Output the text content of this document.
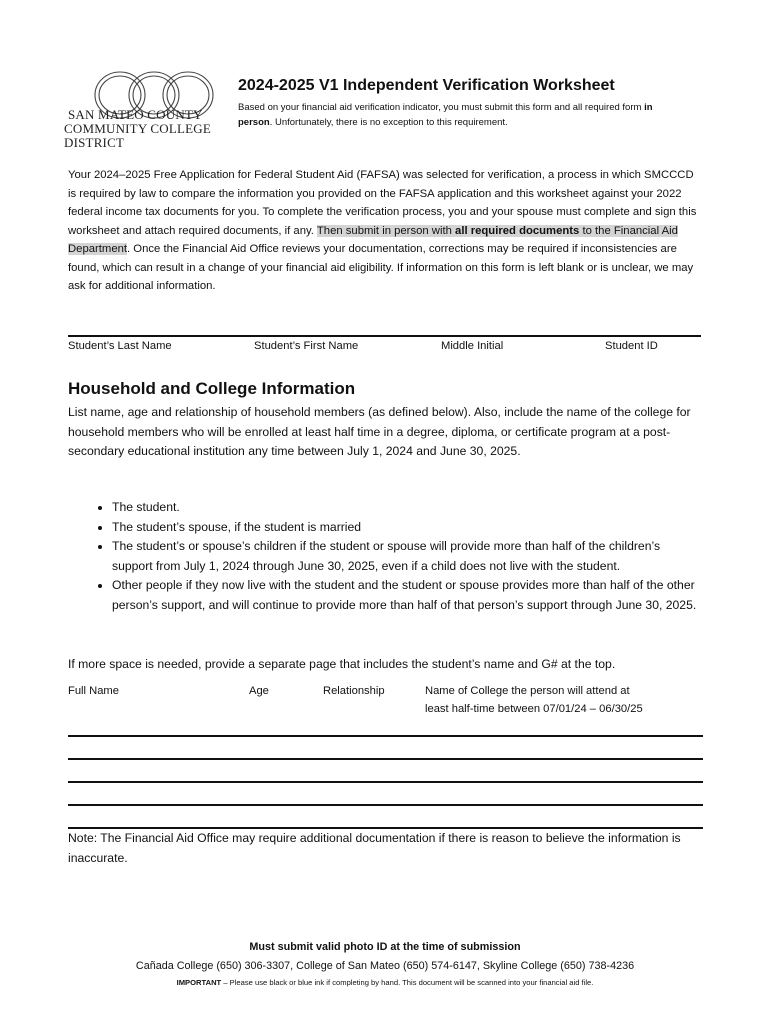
SAN MATEO COUNTY
COMMUNITY COLLEGE DISTRICT
2024-2025 V1 Independent Verification Worksheet
Based on your financial aid verification indicator, you must submit this form and all required form in person. Unfortunately, there is no exception to this requirement.
Your 2024–2025 Free Application for Federal Student Aid (FAFSA) was selected for verification, a process in which SMCCCD is required by law to compare the information you provided on the FAFSA application and this worksheet against your 2022 federal income tax documents for you. To complete the verification process, you and your spouse must complete and sign this worksheet and attach required documents, if any. Then submit in person with all required documents to the Financial Aid Department. Once the Financial Aid Office reviews your documentation, corrections may be required if inconsistencies are found, which can result in a change of your financial aid eligibility. If information on this form is left blank or is unclear, we may ask for additional information.
Student’s Last Name	Student’s First Name	Middle Initial	Student ID
Household and College Information
List name, age and relationship of household members (as defined below). Also, include the name of the college for household members who will be enrolled at least half time in a degree, diploma, or certificate program at a post-secondary educational institution any time between July 1, 2024 and June 30, 2025.
• The student.
• The student’s spouse, if the student is married
• The student’s or spouse’s children if the student or spouse will provide more than half of the children’s support from July 1, 2024 through June 30, 2025, even if a child does not live with the student.
• Other people if they now live with the student and the student or spouse provides more than half of the other person’s support, and will continue to provide more than half of that person’s support through June 30, 2025.
If more space is needed, provide a separate page that includes the student’s name and G# at the top.
Full Name	Age	Relationship	Name of College the person will attend at
least half-time between 07/01/24 – 06/30/25
Note: The Financial Aid Office may require additional documentation if there is reason to believe the information is inaccurate.
Must submit valid photo ID at the time of submission
Cañada College (650) 306-3307, College of San Mateo (650) 574-6147, Skyline College (650) 738-4236
IMPORTANT – Please use black or blue ink if completing by hand. This document will be scanned into your financial aid file.
